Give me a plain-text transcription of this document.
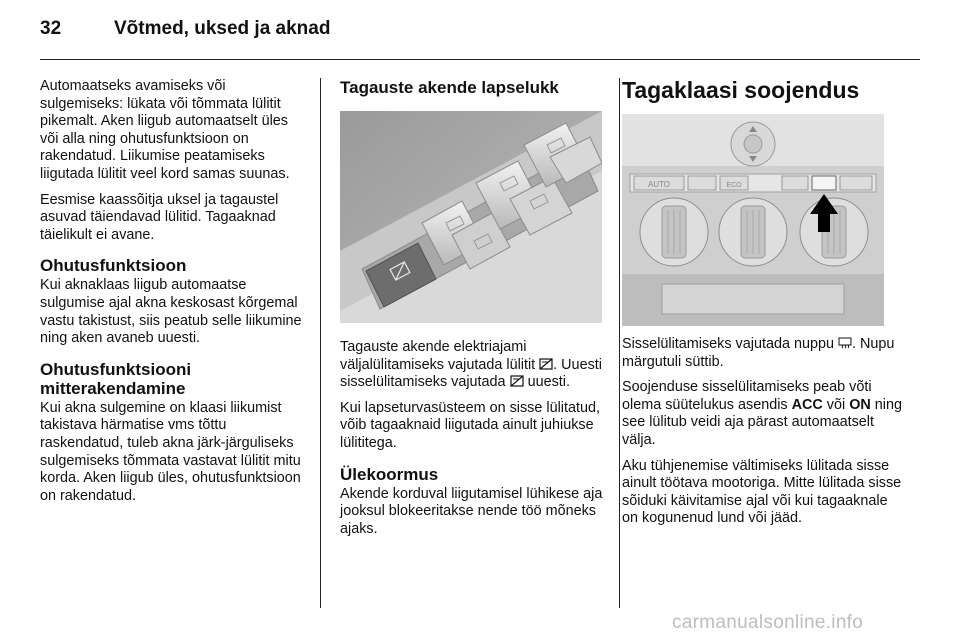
32	Võtmed, uksed ja aknad

Automaatseks avamiseks või sulgemiseks: lükata või tõmmata lülitit pikemalt. Aken liigub automaatselt üles või alla ning ohutusfunktsioon on rakendatud. Liikumise peatamiseks liigutada lülitit veel kord samas suunas.

Eesmise kaassõitja uksel ja tagaustel asuvad täiendavad lülitid. Tagaaknad täielikult ei avane.

Ohutusfunktsioon

Kui aknaklaas liigub automaatse sulgumise ajal akna keskosast kõrgemal vastu takistust, siis peatub selle liikumine ning aken avaneb uuesti.

Ohutusfunktsiooni mitterakendamine

Kui akna sulgemine on klaasi liikumist takistava härmatise vms tõttu raskendatud, tuleb akna järk-järguliseks sulgemiseks tõmmata vastavat lülitit mitu korda. Aken liigub üles, ohutusfunktsioon on rakendatud.

Tagauste akende lapselukk

Tagauste akende elektriajami väljalülitamiseks vajutada lülitit . Uuesti sisselülitamiseks vajutada uuesti.

Kui lapseturvasüsteem on sisse lülitatud, võib tagaaknaid liigutada ainult juhiukse lülititega.

Ülekoormus

Akende korduval liigutamisel lühikese aja jooksul blokeeritakse nende töö mõneks ajaks.

Tagaklaasi soojendus
AUTO	ECO

Sisselülitamiseks vajutada nuppu . Nupu märgutuli süttib.

Soojenduse sisselülitamiseks peab võti olema süütelukus asendis ACC või ON ning see lülitub veidi aja pärast automaatselt välja.

Aku tühjenemise vältimiseks lülitada sisse ainult töötava mootoriga. Mitte lülitada sisse sõiduki käivitamise ajal või kui tagaaknale on kogunenud lund või jääd.

carmanualsonline.info
